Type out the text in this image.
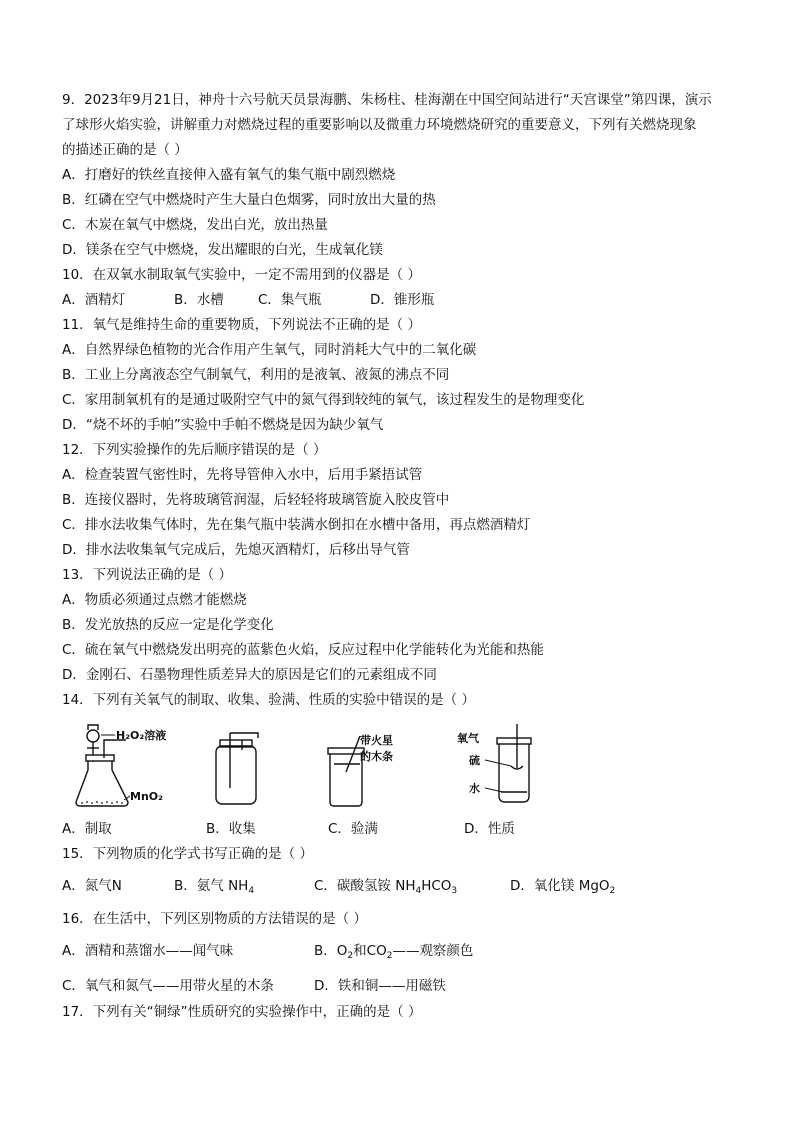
9．2023年9月21日，神舟十六号航天员景海鹏、朱杨柱、桂海潮在中国空间站进行“天宫课堂”第四课，演示
了球形火焰实验，讲解重力对燃烧过程的重要影响以及微重力环境燃烧研究的重要意义，下列有关燃烧现象
的描述正确的是（ ）
A．打磨好的铁丝直接伸入盛有氧气的集气瓶中剧烈燃烧
B．红磷在空气中燃烧时产生大量白色烟雾，同时放出大量的热
C．木炭在氧气中燃烧，发出白光，放出热量
D．镁条在空气中燃烧，发出耀眼的白光，生成氧化镁
10．在双氧水制取氧气实验中，一定不需用到的仪器是（ ）
A．酒精灯	B．水槽	C．集气瓶	D．锥形瓶
11．氧气是维持生命的重要物质，下列说法不正确的是（ ）
A．自然界绿色植物的光合作用产生氧气，同时消耗大气中的二氧化碳
B．工业上分离液态空气制氧气，利用的是液氧、液氮的沸点不同
C．家用制氧机有的是通过吸附空气中的氮气得到较纯的氧气，该过程发生的是物理变化
D．“烧不坏的手帕”实验中手帕不燃烧是因为缺少氧气
12．下列实验操作的先后顺序错误的是（ ）
A．检查装置气密性时，先将导管伸入水中，后用手紧捂试管
B．连接仪器时，先将玻璃管润湿，后轻轻将玻璃管旋入胶皮管中
C．排水法收集气体时，先在集气瓶中装满水倒扣在水槽中备用，再点燃酒精灯
D．排水法收集氧气完成后，先熄灭酒精灯，后移出导气管
13．下列说法正确的是（ ）
A．物质必须通过点燃才能燃烧
B．发光放热的反应一定是化学变化
C．硫在氧气中燃烧发出明亮的蓝紫色火焰，反应过程中化学能转化为光能和热能
D．金刚石、石墨物理性质差异大的原因是它们的元素组成不同
14．下列有关氧气的制取、收集、验满、性质的实验中错误的是（ ）
H₂O₂溶液
MnO₂
带火星
的木条
氧气
硫
水
A．制取	B．收集	C．验满	D．性质
15．下列物质的化学式书写正确的是（ ）
A．氮气N	B．氨气 $NH_4$	C．碳酸氢铵 $NH_4HCO_3$	D．氧化镁 MgO$_2$
16．在生活中，下列区别物质的方法错误的是（ ）
A．酒精和蒸馏水——闻气味	B．$O_2$和$CO_2——$观察颜色
C．氧气和氮气——用带火星的木条	D．铁和铜——用磁铁
17．下列有关“铜绿”性质研究的实验操作中，正确的是（ ）
